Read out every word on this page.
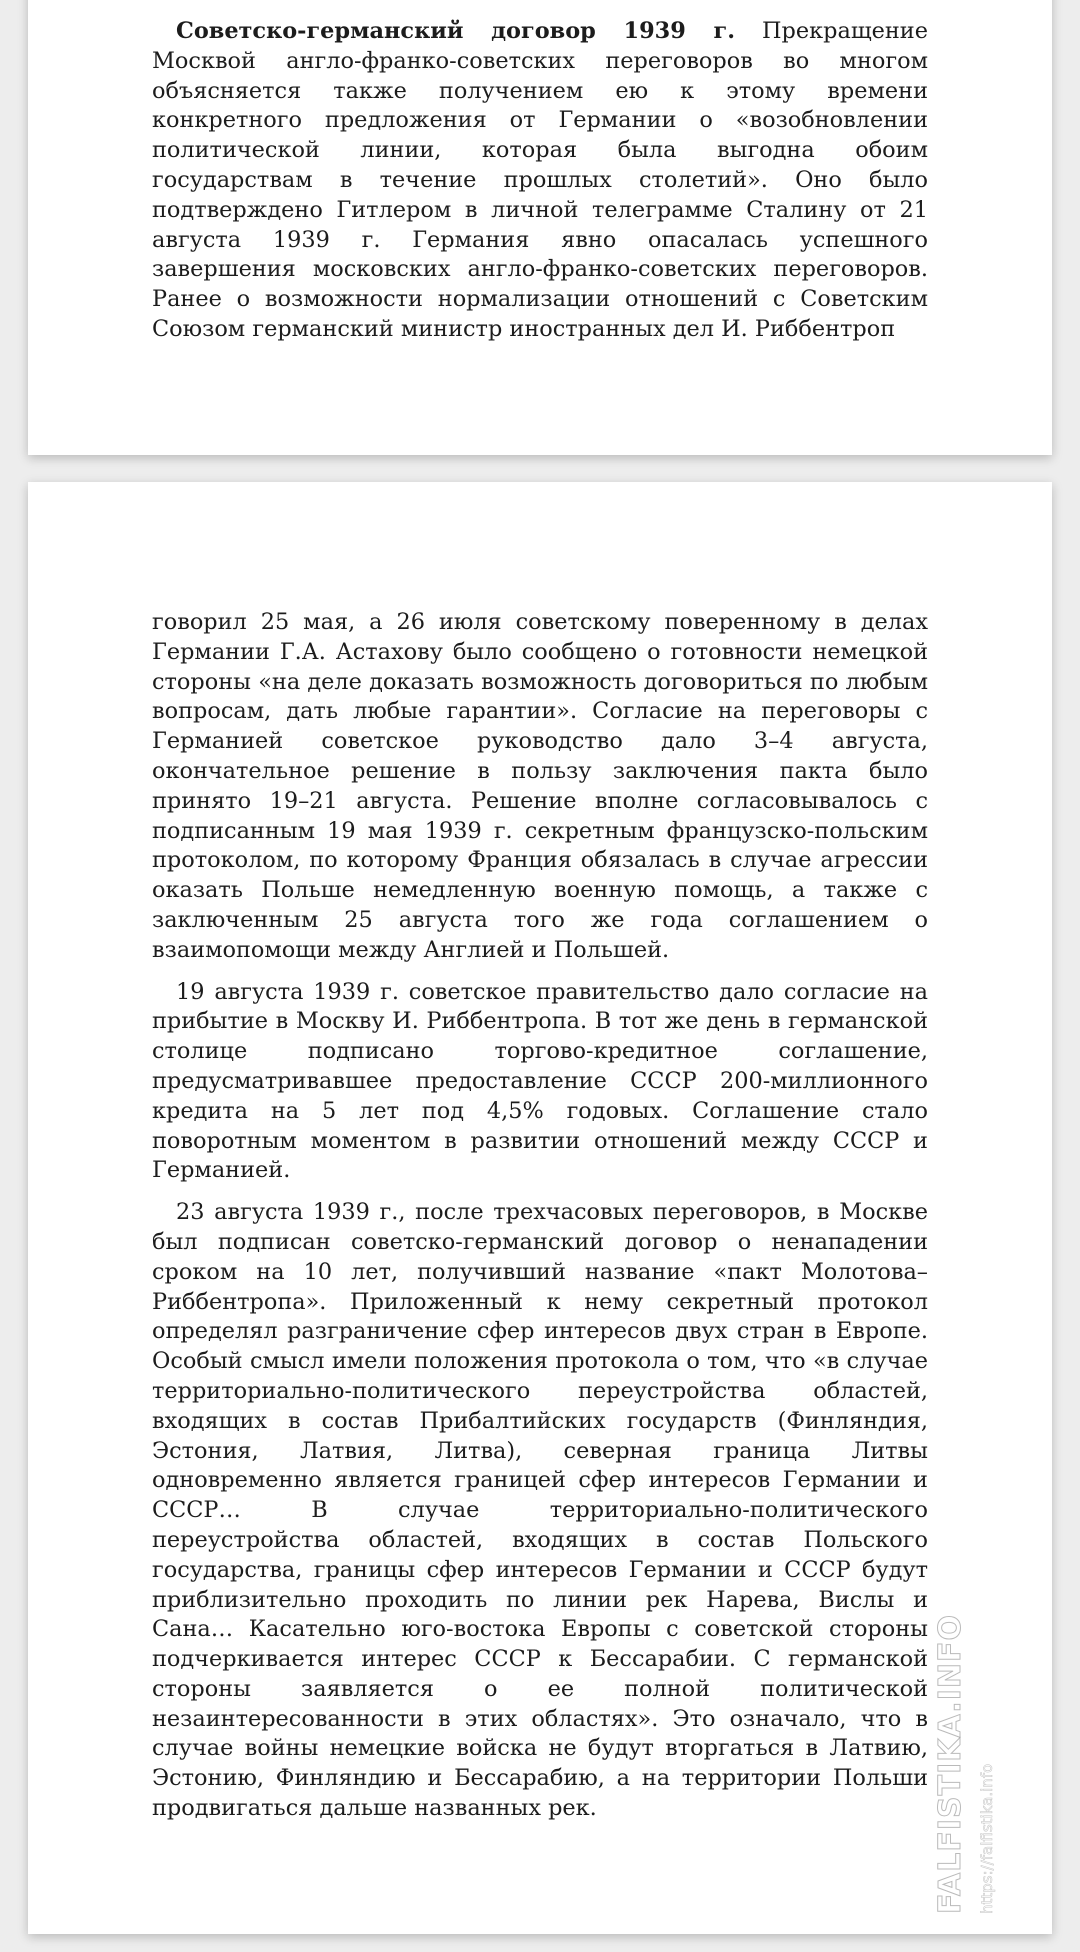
Советско-германский договор 1939 г. Прекращение Москвой англо-франко-советских переговоров во многом объясняется также получением ею к этому времени конкретного предложения от Германии о «возобновлении политической линии, которая была выгодна обоим государствам в течение прошлых столетий». Оно было подтверждено Гитлером в личной телеграмме Сталину от 21 августа 1939 г. Германия явно опасалась успешного завершения московских англо-франко-советских переговоров. Ранее о возможности нормализации отношений с Советским Союзом германский министр иностранных дел И. Риббентроп

говорил 25 мая, а 26 июля советскому поверенному в делах Германии Г.А. Астахову было сообщено о готовности немецкой стороны «на деле доказать возможность договориться по любым вопросам, дать любые гарантии». Согласие на переговоры с Германией советское руководство дало 3–4 августа, окончательное решение в пользу заключения пакта было принято 19–21 августа. Решение вполне согласовывалось с подписанным 19 мая 1939 г. секретным французско-польским протоколом, по которому Франция обязалась в случае агрессии оказать Польше немедленную военную помощь, а также с заключенным 25 августа того же года соглашением о взаимопомощи между Англией и Польшей.

19 августа 1939 г. советское правительство дало согласие на прибытие в Москву И. Риббентропа. В тот же день в германской столице подписано торгово-кредитное соглашение, предусматривавшее предоставление СССР 200-миллионного кредита на 5 лет под 4,5% годовых. Соглашение стало поворотным моментом в развитии отношений между СССР и Германией.

23 августа 1939 г., после трехчасовых переговоров, в Москве был подписан советско-германский договор о ненападении сроком на 10 лет, получивший название «пакт Молотова–Риббентропа». Приложенный к нему секретный протокол определял разграничение сфер интересов двух стран в Европе. Особый смысл имели положения протокола о том, что «в случае территориально-политического переустройства областей, входящих в состав Прибалтийских государств (Финляндия, Эстония, Латвия, Литва), северная граница Литвы одновременно является границей сфер интересов Германии и СССР… В случае территориально-политического переустройства областей, входящих в состав Польского государства, границы сфер интересов Германии и СССР будут приблизительно проходить по линии рек Нарева, Вислы и Сана… Касательно юго-востока Европы с советской стороны подчеркивается интерес СССР к Бессарабии. С германской стороны заявляется о ее полной политической незаинтересованности в этих областях». Это означало, что в случае войны немецкие войска не будут вторгаться в Латвию, Эстонию, Финляндию и Бессарабию, а на территории Польши продвигаться дальше названных рек.	FALFISTIKA.INFO https://falfistika.info
